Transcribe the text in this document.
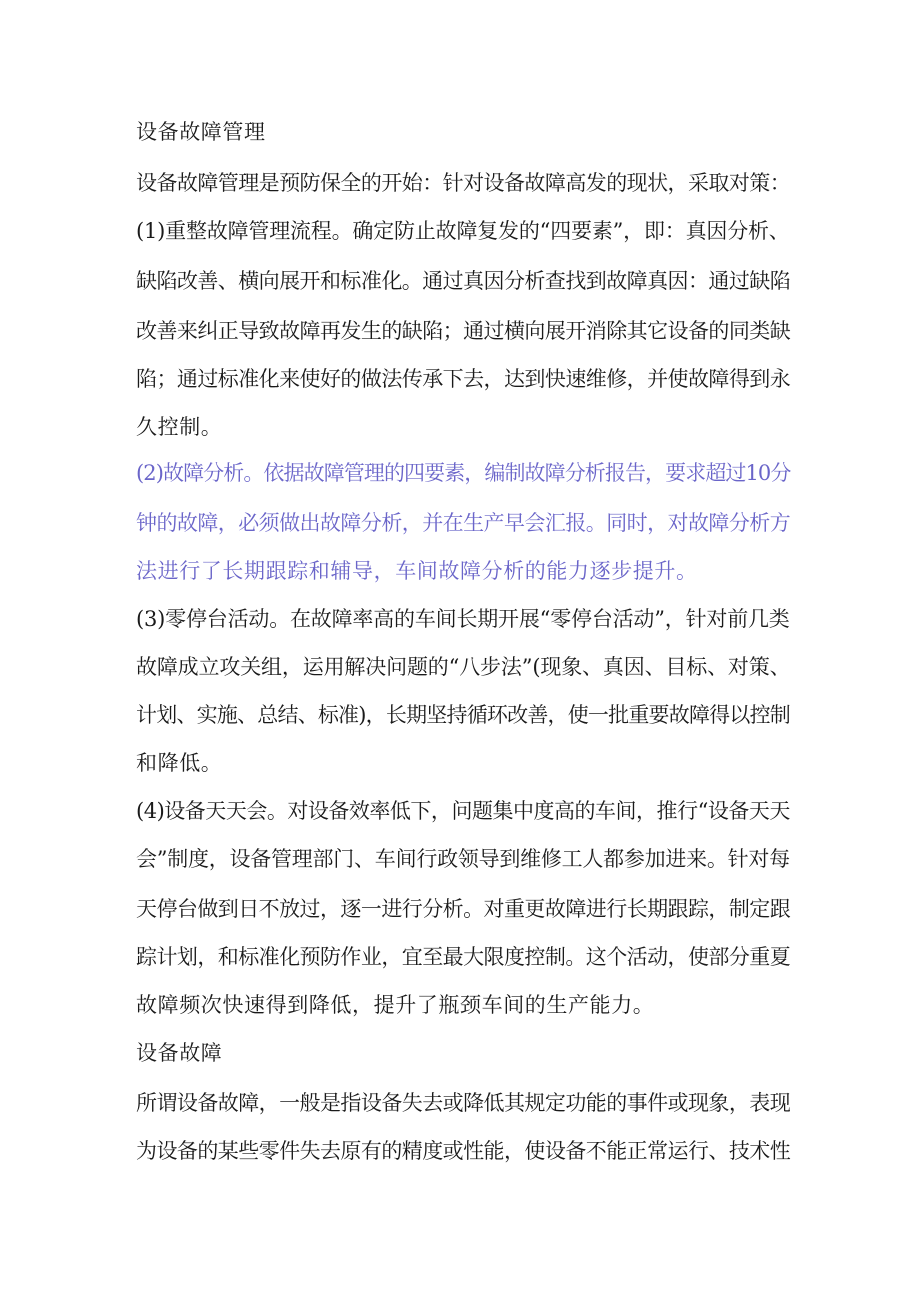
设备故障管理
设备故障管理是预防保全的开始：针对设备故障高发的现状，采取对策：
(1)重整故障管理流程。确定防止故障复发的“四要素”，即：真因分析、
缺陷改善、横向展开和标准化。通过真因分析查找到故障真因：通过缺陷
改善来纠正导致故障再发生的缺陷；通过横向展开消除其它设备的同类缺
陷；通过标准化来使好的做法传承下去，达到快速维修，并使故障得到永
久控制。
(2)故障分析。依据故障管理的四要素，编制故障分析报告，要求超过10分
钟的故障，必须做出故障分析，并在生产早会汇报。同时，对故障分析方
法进行了长期跟踪和辅导，车间故障分析的能力逐步提升。
(3)零停台活动。在故障率高的车间长期开展“零停台活动”，针对前几类
故障成立攻关组，运用解决问题的“八步法”(现象、真因、目标、对策、
计划、实施、总结、标准)，长期坚持循环改善，使一批重要故障得以控制
和降低。
(4)设备天天会。对设备效率低下，问题集中度高的车间，推行“设备天天
会”制度，设备管理部门、车间行政领导到维修工人都参加进来。针对每
天停台做到日不放过，逐一进行分析。对重更故障进行长期跟踪，制定跟
踪计划，和标准化预防作业，宜至最大限度控制。这个活动，使部分重夏
故障频次快速得到降低，提升了瓶颈车间的生产能力。
设备故障
所谓设备故障，一般是指设备失去或降低其规定功能的事件或现象，表现
为设备的某些零件失去原有的精度或性能，使设备不能正常运行、技术性
